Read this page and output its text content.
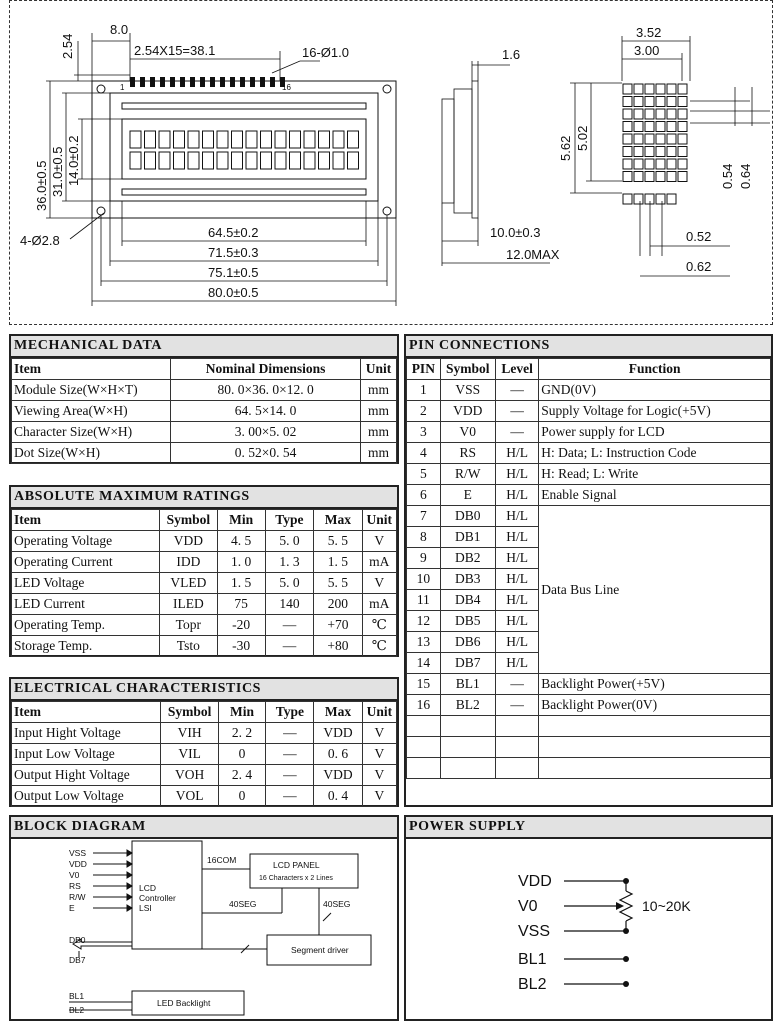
8.0
2.54X15=38.1	16-Ø1.0
1	16
2.54
36.0±0.5 31.0±0.5 14.0±0.2
4-Ø2.8
64.5±0.2
71.5±0.3
75.1±0.5
80.0±0.5
1.6
10.0±0.3
12.0MAX
3.52
3.00
5.62 5.02
0.54 0.64
0.52
0.62
MECHANICAL DATA
Item	Nominal Dimensions	Unit
Module Size(W×H×T)	80. 0×36. 0×12. 0	mm
Viewing Area(W×H)	64. 5×14. 0	mm
Character Size(W×H)	3. 00×5. 02	mm
Dot Size(W×H)	0. 52×0. 54	mm
ABSOLUTE MAXIMUM RATINGS
Item	Symbol	Min	Type	Max	Unit
Operating Voltage	VDD	4. 5	5. 0	5. 5	V
Operating Current	IDD	1. 0	1. 3	1. 5	mA
LED Voltage	VLED	1. 5	5. 0	5. 5	V
LED Current	ILED	75	140	200	mA
Operating Temp.	Topr	-20	—	+70	℃
Storage Temp.	Tsto	-30	—	+80	℃
ELECTRICAL CHARACTERISTICS
Item	Symbol	Min	Type	Max	Unit
Input Hight Voltage	VIH	2. 2	—	VDD	V
Input Low Voltage	VIL	0	—	0. 6	V
Output Hight Voltage	VOH	2. 4	—	VDD	V
Output Low Voltage	VOL	0	—	0. 4	V
PIN CONNECTIONS
PIN	Symbol	Level	Function
1	VSS	—	GND(0V)
2	VDD	—	Supply Voltage for Logic(+5V)
3	V0	—	Power supply for LCD
4	RS	H/L	H: Data; L: Instruction Code
5	R/W	H/L	H: Read; L: Write
6	E	H/L	Enable Signal
7	DB0	H/L	Data Bus Line
8	DB1	H/L	
9	DB2	H/L	
10	DB3	H/L	
11	DB4	H/L	
12	DB5	H/L	
13	DB6	H/L	
14	DB7	H/L	
15	BL1	—	Backlight Power(+5V)
16	BL2	—	Backlight Power(0V)

BLOCK DIAGRAM
VSS
VDD
V0
RS
R/W
E
DB0
DB7
LCD
Controller
LSI
16COM
40SEG	40SEG
LCD PANEL
16 Characters x 2 Lines
Segment driver
BL1
BL2
LED Backlight
POWER SUPPLY
VDD
V0
VSS
BL1
BL2
10~20K
